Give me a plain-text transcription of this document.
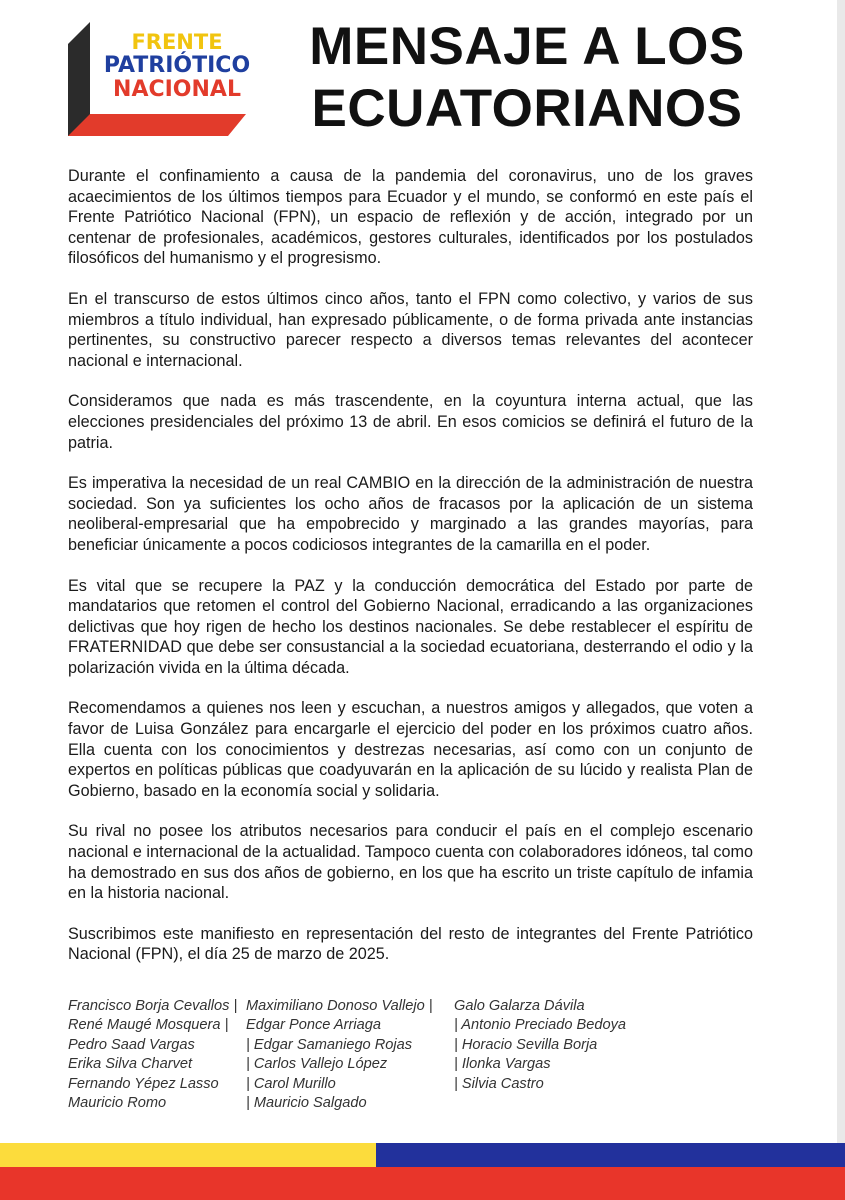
FRENTE
PATRIÓTICO
NACIONAL
MENSAJE A LOS
ECUATORIANOS

Durante el confinamiento a causa de la pandemia del coronavirus, uno de los graves acaecimientos de los últimos tiempos para Ecuador y el mundo, se conformó en este país el Frente Patriótico Nacional (FPN), un espacio de reflexión y de acción, integrado por un centenar de profesionales, académicos, gestores culturales, identificados por los postulados filosóficos del humanismo y el progresismo.

En el transcurso de estos últimos cinco años, tanto el FPN como colectivo, y varios de sus miembros a título individual, han expresado públicamente, o de forma privada ante instancias pertinentes, su constructivo parecer respecto a diversos temas relevantes del acontecer nacional e internacional.

Consideramos que nada es más trascendente, en la coyuntura interna actual, que las elecciones presidenciales del próximo 13 de abril. En esos comicios se definirá el futuro de la patria.

Es imperativa la necesidad de un real CAMBIO en la dirección de la administración de nuestra sociedad. Son ya suficientes los ocho años de fracasos por la aplicación de un sistema neoliberal-empresarial que ha empobrecido y marginado a las grandes mayorías, para beneficiar únicamente a pocos codiciosos integrantes de la camarilla en el poder.

Es vital que se recupere la PAZ y la conducción democrática del Estado por parte de mandatarios que retomen el control del Gobierno Nacional, erradicando a las organizaciones delictivas que hoy rigen de hecho los destinos nacionales. Se debe restablecer el espíritu de FRATERNIDAD que debe ser consustancial a la sociedad ecuatoriana, desterrando el odio y la polarización vivida en la última década.

Recomendamos a quienes nos leen y escuchan, a nuestros amigos y allegados, que voten a favor de Luisa González para encargarle el ejercicio del poder en los próximos cuatro años. Ella cuenta con los conocimientos y destrezas necesarias, así como con un conjunto de expertos en políticas públicas que coadyuvarán en la aplicación de su lúcido y realista Plan de Gobierno, basado en la economía social y solidaria.

Su rival no posee los atributos necesarios para conducir el país en el complejo escenario nacional e internacional de la actualidad. Tampoco cuenta con colaboradores idóneos, tal como ha demostrado en sus dos años de gobierno, en los que ha escrito un triste capítulo de infamia en la historia nacional.

Suscribimos este manifiesto en representación del resto de integrantes del Frente Patriótico Nacional (FPN), el día 25 de marzo de 2025.

Francisco Borja Cevallos | Maximiliano Donoso Vallejo | Galo Galarza Dávila
René Maugé Mosquera | Edgar Ponce Arriaga	| Antonio Preciado Bedoya
Pedro Saad Vargas	| Edgar Samaniego Rojas	| Horacio Sevilla Borja
Erika Silva Charvet	| Carlos Vallejo López	| Ilonka Vargas
Fernando Yépez Lasso | Carol Murillo	| Silvia Castro
Mauricio Romo	| Mauricio Salgado
